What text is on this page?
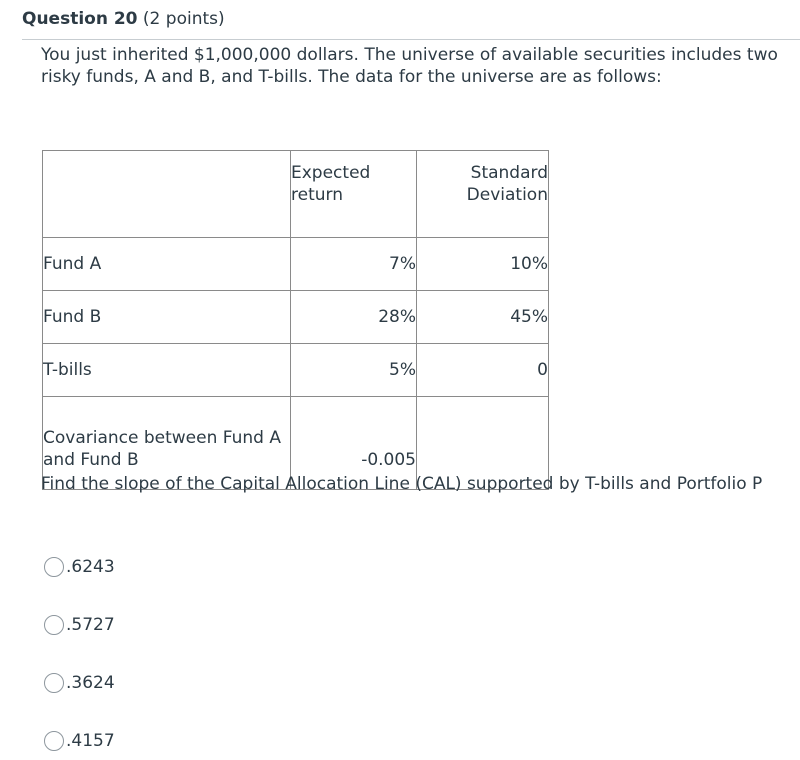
Question 20 (2 points)
You just inherited $1,000,000 dollars. The universe of available securities includes two risky funds, A and B, and T-bills. The data for the universe are as follows:
	Expected return	Standard Deviation
Fund A	7%	10%
Fund B	28%	45%
T-bills	5%	0
Covariance between Fund A and Fund B	-0.005	
Find the slope of the Capital Allocation Line (CAL) supported by T-bills and Portfolio P
.6243
.5727
.3624
.4157
